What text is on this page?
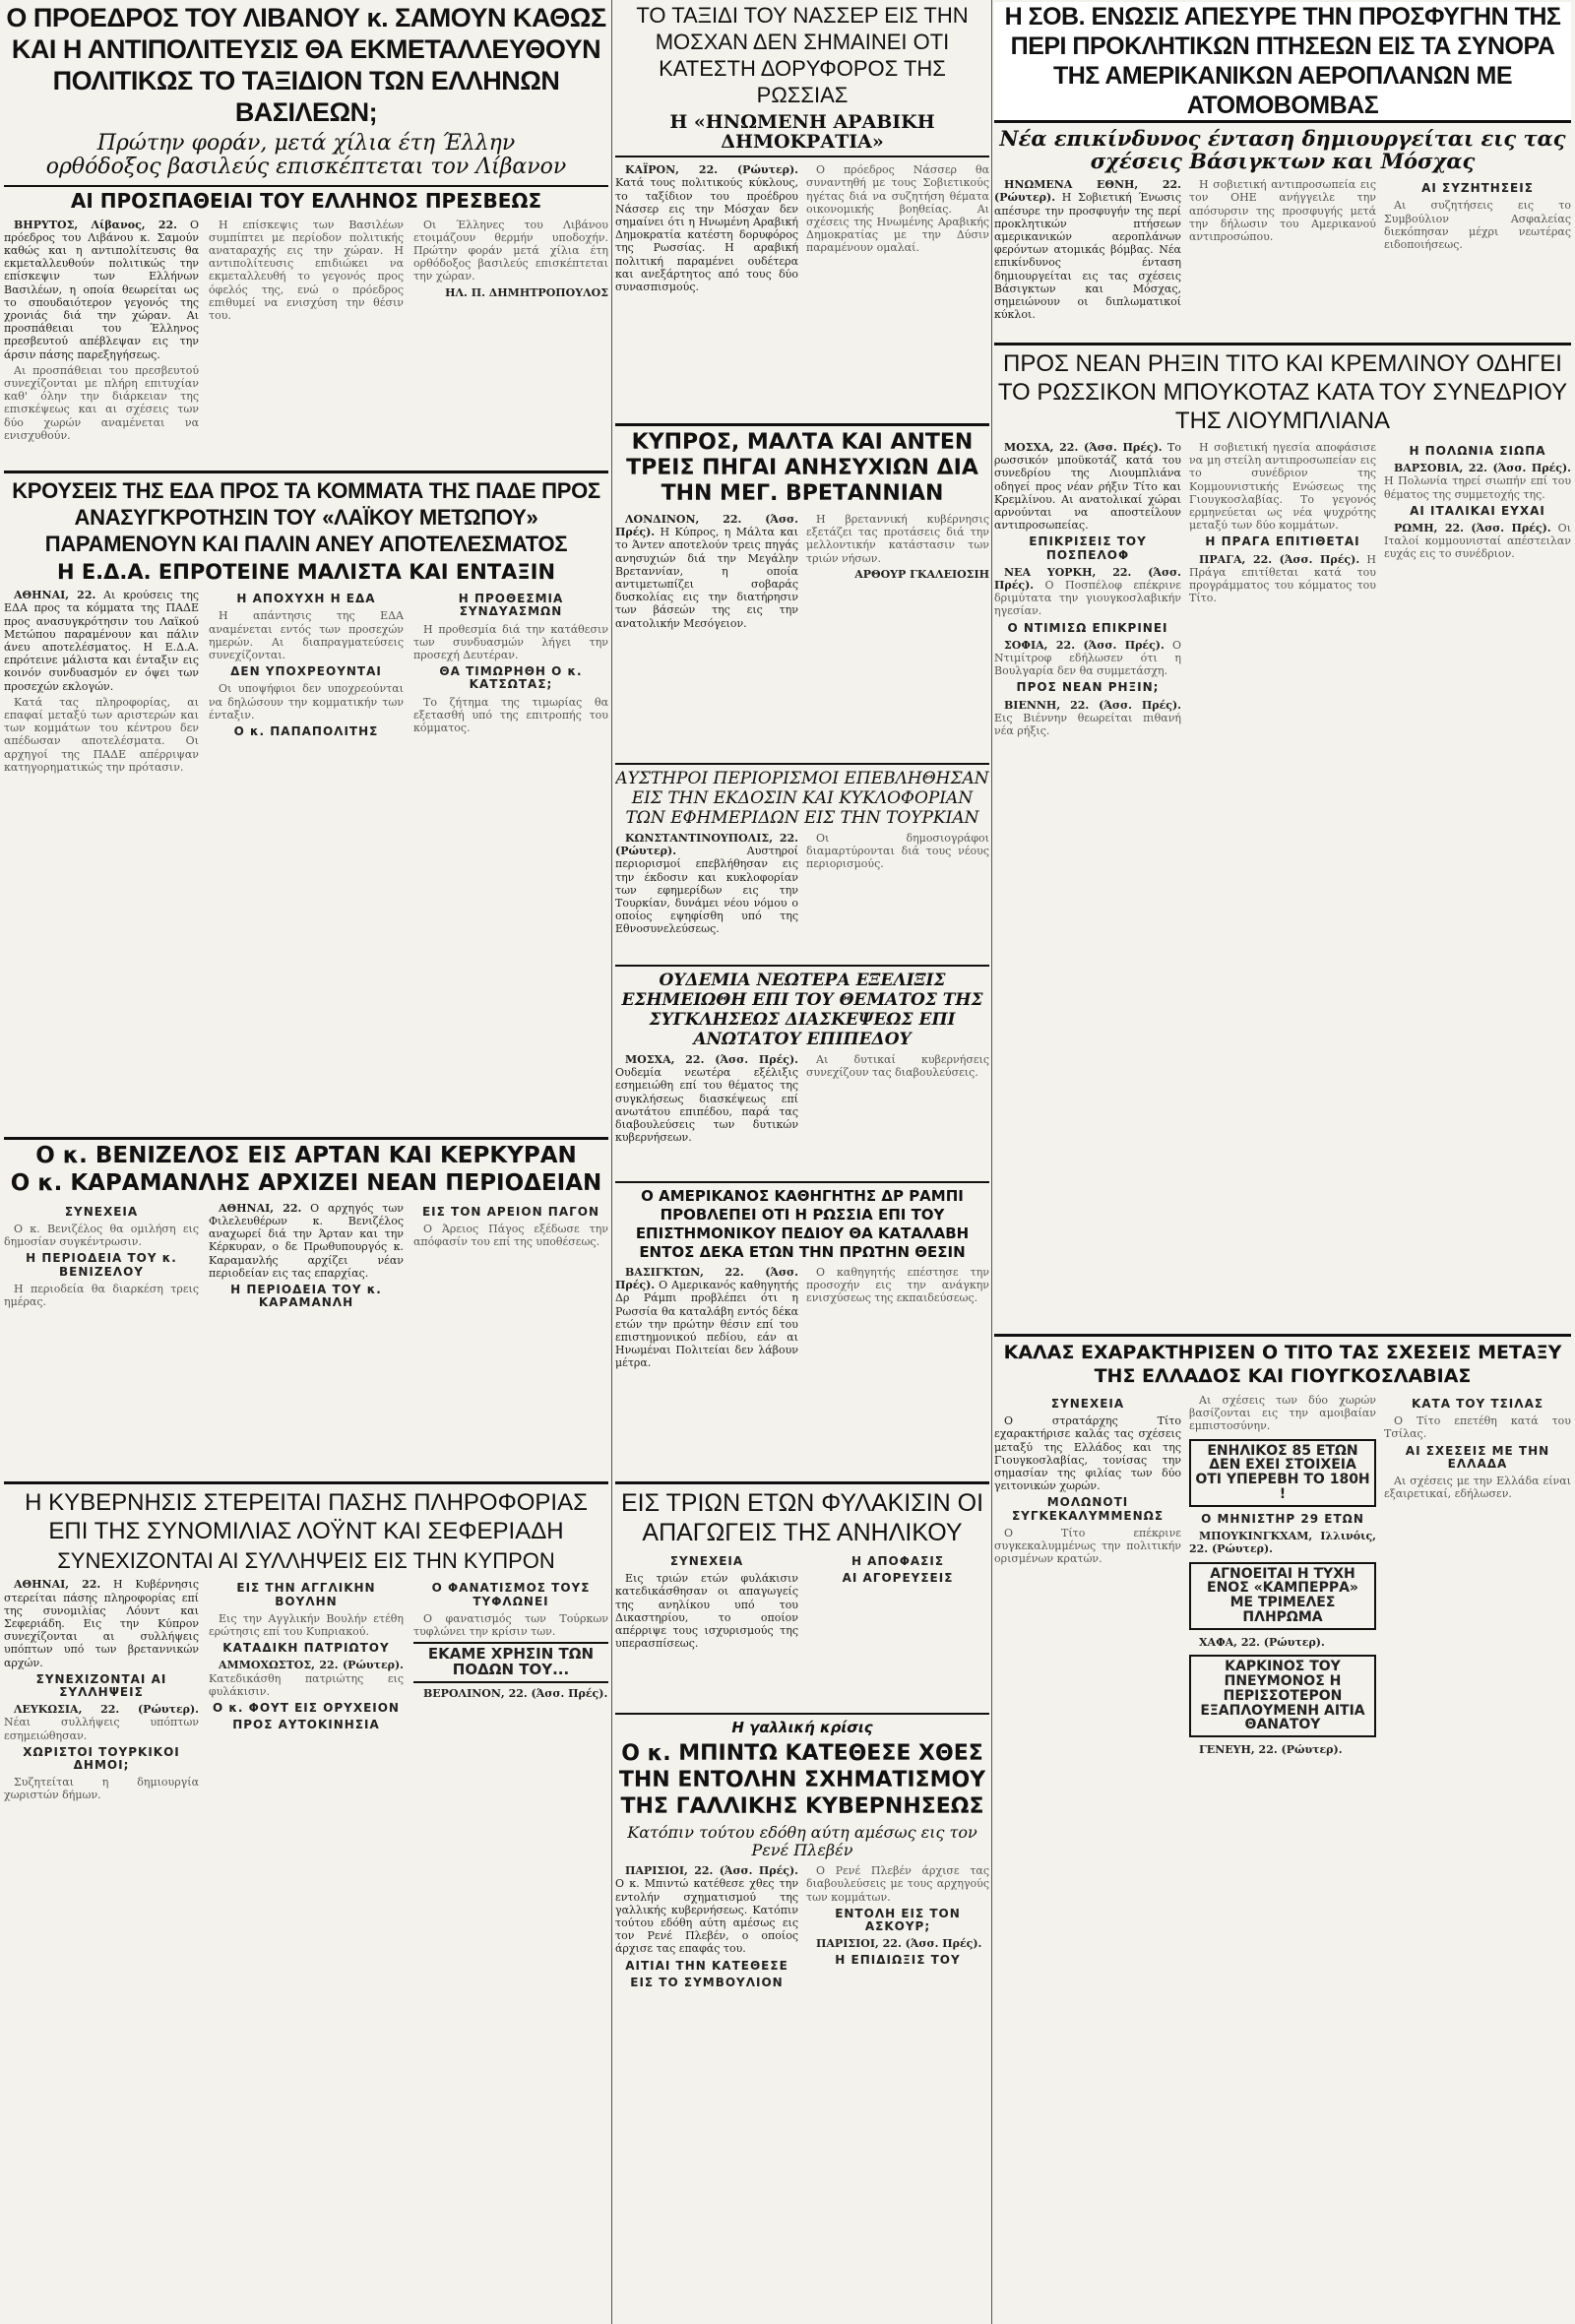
Ο ΠΡΟΕΔΡΟΣ ΤΟΥ ΛΙΒΑΝΟΥ κ. ΣΑΜΟΥΝ ΚΑΘΩΣ ΚΑΙ Η ΑΝΤΙΠΟΛΙΤΕΥΣΙΣ ΘΑ ΕΚΜΕΤΑΛΛΕΥΘΟΥΝ ΠΟΛΙΤΙΚΩΣ ΤΟ ΤΑΞΙΔΙΟΝ ΤΩΝ ΕΛΛΗΝΩΝ ΒΑΣΙΛΕΩΝ;
Πρώτην φοράν, μετά χίλια έτη Έλλην ορθόδοξος βασιλεύς επισκέπτεται τον Λίβανον
ΑΙ ΠΡΟΣΠΑΘΕΙΑΙ ΤΟΥ ΕΛΛΗΝΟΣ ΠΡΕΣΒΕΩΣ

ΒΗΡΥΤΟΣ, Λίβανος, 22. Ο πρόεδρος του Λιβάνου κ. Σαμούν καθώς και η αντιπολίτευσις θα εκμεταλλευθούν πολιτικώς την επίσκεψιν των Ελλήνων Βασιλέων, η οποία θεωρείται ως το σπουδαιότερον γεγονός της χρονιάς διά την χώραν. Αι προσπάθειαι του Έλληνος πρεσβευτού απέβλεψαν εις την άρσιν πάσης παρεξηγήσεως.

Αι προσπάθειαι του πρεσβευτού συνεχίζονται με πλήρη επιτυχίαν καθ' όλην την διάρκειαν της επισκέψεως και αι σχέσεις των δύο χωρών αναμένεται να ενισχυθούν.

Η επίσκεψις των Βασιλέων συμπίπτει με περίοδον πολιτικής αναταραχής εις την χώραν. Η αντιπολίτευσις επιδιώκει να εκμεταλλευθή το γεγονός προς όφελός της, ενώ ο πρόεδρος επιθυμεί να ενισχύση την θέσιν του.

Οι Έλληνες του Λιβάνου ετοιμάζουν θερμήν υποδοχήν. Πρώτην φοράν μετά χίλια έτη ορθόδοξος βασιλεύς επισκέπτεται την χώραν.

ΗΛ. Π. ΔΗΜΗΤΡΟΠΟΥΛΟΣ

ΤΟ ΤΑΞΙΔΙ ΤΟΥ ΝΑΣΣΕΡ ΕΙΣ ΤΗΝ ΜΟΣΧΑΝ ΔΕΝ ΣΗΜΑΙΝΕΙ ΟΤΙ ΚΑΤΕΣΤΗ ΔΟΡΥΦΟΡΟΣ ΤΗΣ ΡΩΣΣΙΑΣ
Η «ΗΝΩΜΕΝΗ ΑΡΑΒΙΚΗ ΔΗΜΟΚΡΑΤΙΑ»

ΚΑΪΡΟΝ, 22. (Ρώυτερ). Κατά τους πολιτικούς κύκλους, το ταξίδιον του προέδρου Νάσσερ εις την Μόσχαν δεν σημαίνει ότι η Ηνωμένη Αραβική Δημοκρατία κατέστη δορυφόρος της Ρωσσίας. Η αραβική πολιτική παραμένει ουδέτερα και ανεξάρτητος από τους δύο συνασπισμούς.

Ο πρόεδρος Νάσσερ θα συναντηθή με τους Σοβιετικούς ηγέτας διά να συζητήση θέματα οικονομικής βοηθείας. Αι σχέσεις της Ηνωμένης Αραβικής Δημοκρατίας με την Δύσιν παραμένουν ομαλαί.

Η ΣΟΒ. ΕΝΩΣΙΣ ΑΠΕΣΥΡΕ ΤΗΝ ΠΡΟΣΦΥΓΗΝ ΤΗΣ ΠΕΡΙ ΠΡΟΚΛΗΤΙΚΩΝ ΠΤΗΣΕΩΝ ΕΙΣ ΤΑ ΣΥΝΟΡΑ ΤΗΣ ΑΜΕΡΙΚΑΝΙΚΩΝ ΑΕΡΟΠΛΑΝΩΝ ΜΕ ΑΤΟΜΟΒΟΜΒΑΣ
Νέα επικίνδυνος ένταση δημιουργείται εις τας σχέσεις Βάσιγκτων και Μόσχας

ΗΝΩΜΕΝΑ ΕΘΝΗ, 22. (Ρώυτερ). Η Σοβιετική Ένωσις απέσυρε την προσφυγήν της περί προκλητικών πτήσεων αμερικανικών αεροπλάνων φερόντων ατομικάς βόμβας. Νέα επικίνδυνος ένταση δημιουργείται εις τας σχέσεις Βάσιγκτων και Μόσχας, σημειώνουν οι διπλωματικοί κύκλοι.

Η σοβιετική αντιπροσωπεία εις τον ΟΗΕ ανήγγειλε την απόσυρσιν της προσφυγής μετά την δήλωσιν του Αμερικανού αντιπροσώπου.

ΑΙ ΣΥΖΗΤΗΣΕΙΣ

Αι συζητήσεις εις το Συμβούλιον Ασφαλείας διεκόπησαν μέχρι νεωτέρας ειδοποιήσεως.

ΚΥΠΡΟΣ, ΜΑΛΤΑ ΚΑΙ ΑΝΤΕΝ ΤΡΕΙΣ ΠΗΓΑΙ ΑΝΗΣΥΧΙΩΝ ΔΙΑ ΤΗΝ ΜΕΓ. ΒΡΕΤΑΝΝΙΑΝ

ΛΟΝΔΙΝΟΝ, 22. (Άσσ. Πρές). Η Κύπρος, η Μάλτα και το Άντεν αποτελούν τρεις πηγάς ανησυχιών διά την Μεγάλην Βρεταννίαν, η οποία αντιμετωπίζει σοβαράς δυσκολίας εις την διατήρησιν των βάσεών της εις την ανατολικήν Μεσόγειον.

Η βρεταννική κυβέρνησις εξετάζει τας προτάσεις διά την μελλοντικήν κατάστασιν των τριών νήσων.

ΑΡΘΟΥΡ ΓΚΑΛΕΙΟΣΙΗ

ΚΡΟΥΣΕΙΣ ΤΗΣ ΕΔΑ ΠΡΟΣ ΤΑ ΚΟΜΜΑΤΑ ΤΗΣ ΠΑΔΕ ΠΡΟΣ ΑΝΑΣΥΓΚΡΟΤΗΣΙΝ ΤΟΥ «ΛΑΪΚΟΥ ΜΕΤΩΠΟΥ» ΠΑΡΑΜΕΝΟΥΝ ΚΑΙ ΠΑΛΙΝ ΑΝΕΥ ΑΠΟΤΕΛΕΣΜΑΤΟΣ
Η Ε.Δ.Α. ΕΠΡΟΤΕΙΝΕ ΜΑΛΙΣΤΑ ΚΑΙ ΕΝΤΑΞΙΝ

ΑΘΗΝΑΙ, 22. Αι κρούσεις της ΕΔΑ προς τα κόμματα της ΠΑΔΕ προς ανασυγκρότησιν του Λαϊκού Μετώπου παραμένουν και πάλιν άνευ αποτελέσματος. Η Ε.Δ.Α. επρότεινε μάλιστα και ένταξιν εις κοινόν συνδυασμόν εν όψει των προσεχών εκλογών.

Κατά τας πληροφορίας, αι επαφαί μεταξύ των αριστερών και των κομμάτων του κέντρου δεν απέδωσαν αποτελέσματα. Οι αρχηγοί της ΠΑΔΕ απέρριψαν κατηγορηματικώς την πρότασιν.

Η ΑΠΟΧΥΧΗ Η ΕΔΑ

Η απάντησις της ΕΔΑ αναμένεται εντός των προσεχών ημερών. Αι διαπραγματεύσεις συνεχίζονται.

ΔΕΝ ΥΠΟΧΡΕΟΥΝΤΑΙ

Οι υποψήφιοι δεν υποχρεούνται να δηλώσουν την κομματικήν των ένταξιν.

Ο κ. ΠΑΠΑΠΟΛΙΤΗΣ
Η ΠΡΟΘΕΣΜΙΑ ΣΥΝΔΥΑΣΜΩΝ

Η προθεσμία διά την κατάθεσιν των συνδυασμών λήγει την προσεχή Δευτέραν.

ΘΑ ΤΙΜΩΡΗΘΗ Ο κ. ΚΑΤΣΩΤΑΣ;

Το ζήτημα της τιμωρίας θα εξετασθή υπό της επιτροπής του κόμματος.

ΑΥΣΤΗΡΟΙ ΠΕΡΙΟΡΙΣΜΟΙ ΕΠΕΒΛΗΘΗΣΑΝ ΕΙΣ ΤΗΝ ΕΚΔΟΣΙΝ ΚΑΙ ΚΥΚΛΟΦΟΡΙΑΝ ΤΩΝ ΕΦΗΜΕΡΙΔΩΝ ΕΙΣ ΤΗΝ ΤΟΥΡΚΙΑΝ

ΚΩΝΣΤΑΝΤΙΝΟΥΠΟΛΙΣ, 22. (Ρώυτερ).	Αυστηροί περιορισμοί επεβλήθησαν εις την έκδοσιν και κυκλοφορίαν των εφημερίδων εις την Τουρκίαν, δυνάμει νέου νόμου ο οποίος εψηφίσθη υπό της Εθνοσυνελεύσεως.

Οι δημοσιογράφοι διαμαρτύρονται διά τους νέους περιορισμούς.

ΠΡΟΣ ΝΕΑΝ ΡΗΞΙΝ ΤΙΤΟ ΚΑΙ ΚΡΕΜΛΙΝΟΥ ΟΔΗΓΕΙ ΤΟ ΡΩΣΣΙΚΟΝ ΜΠΟΥΚΟΤΑΖ ΚΑΤΑ ΤΟΥ ΣΥΝΕΔΡΙΟΥ ΤΗΣ ΛΙΟΥΜΠΛΙΑΝΑ

ΜΟΣΧΑ, 22. (Άσσ. Πρές). Το ρωσσικόν μποϋκοτάζ κατά του συνεδρίου της Λιουμπλιάνα οδηγεί προς νέαν ρήξιν Τίτο και Κρεμλίνου. Αι ανατολικαί χώραι αρνούνται να αποστείλουν αντιπροσωπείας.

ΕΠΙΚΡΙΣΕΙΣ ΤΟΥ ΠΟΣΠΕΛΟΦ

ΝΕΑ ΥΟΡΚΗ, 22. (Άσσ. Πρές). Ο Ποσπέλοφ επέκρινε δριμύτατα την γιουγκοσλαβικήν ηγεσίαν.

Ο ΝΤΙΜΙΣΩ ΕΠΙΚΡΙΝΕΙ

ΣΟΦΙΑ, 22. (Άσσ. Πρές). Ο Ντιμίτροφ εδήλωσεν ότι η Βουλγαρία δεν θα συμμετάσχη.

ΠΡΟΣ ΝΕΑΝ ΡΗΞΙΝ;

ΒΙΕΝΝΗ, 22. (Άσσ. Πρές). Εις Βιέννην θεωρείται πιθανή νέα ρήξις.

Η σοβιετική ηγεσία αποφάσισε να μη στείλη αντιπροσωπείαν εις το συνέδριον της Κομμουνιστικής Ενώσεως της Γιουγκοσλαβίας. Το γεγονός ερμηνεύεται ως νέα ψυχρότης μεταξύ των δύο κομμάτων.

Η ΠΡΑΓΑ ΕΠΙΤΙΘΕΤΑΙ

ΠΡΑΓΑ, 22. (Άσσ. Πρές). Η Πράγα επιτίθεται κατά του προγράμματος του κόμματος του Τίτο.

Η ΠΟΛΩΝΙΑ ΣΙΩΠΑ

ΒΑΡΣΟΒΙΑ, 22. (Άσσ. Πρές). Η Πολωνία τηρεί σιωπήν επί του θέματος της συμμετοχής της.

ΑΙ ΙΤΑΛΙΚΑΙ ΕΥΧΑΙ

ΡΩΜΗ, 22. (Άσσ. Πρές). Οι Ιταλοί κομμουνισταί απέστειλαν ευχάς εις το συνέδριον.

ΟΥΔΕΜΙΑ ΝΕΩΤΕΡΑ ΕΞΕΛΙΞΙΣ ΕΣΗΜΕΙΩΘΗ ΕΠΙ ΤΟΥ ΘΕΜΑΤΟΣ ΤΗΣ ΣΥΓΚΛΗΣΕΩΣ ΔΙΑΣΚΕΨΕΩΣ ΕΠΙ ΑΝΩΤΑΤΟΥ ΕΠΙΠΕΔΟΥ

ΜΟΣΧΑ, 22. (Άσσ. Πρές). Ουδεμία νεωτέρα εξέλιξις εσημειώθη επί του θέματος της συγκλήσεως διασκέψεως επί ανωτάτου επιπέδου, παρά τας διαβουλεύσεις των δυτικών κυβερνήσεων.

Αι δυτικαί κυβερνήσεις συνεχίζουν τας διαβουλεύσεις.

Ο ΑΜΕΡΙΚΑΝΟΣ ΚΑΘΗΓΗΤΗΣ ΔΡ ΡΑΜΠΙ ΠΡΟΒΛΕΠΕΙ ΟΤΙ Η ΡΩΣΣΙΑ ΕΠΙ ΤΟΥ ΕΠΙΣΤΗΜΟΝΙΚΟΥ ΠΕΔΙΟΥ ΘΑ ΚΑΤΑΛΑΒΗ ΕΝΤΟΣ ΔΕΚΑ ΕΤΩΝ ΤΗΝ ΠΡΩΤΗΝ ΘΕΣΙΝ

ΒΑΣΙΓΚΤΩΝ, 22. (Άσσ. Πρές). Ο Αμερικανός καθηγητής Δρ Ράμπι προβλέπει ότι η Ρωσσία θα καταλάβη εντός δέκα ετών την πρώτην θέσιν επί του επιστημονικού πεδίου, εάν αι Ηνωμέναι Πολιτείαι δεν λάβουν μέτρα.

Ο καθηγητής επέστησε την προσοχήν εις την ανάγκην ενισχύσεως της εκπαιδεύσεως.

Ο κ. ΒΕΝΙΖΕΛΟΣ ΕΙΣ ΑΡΤΑΝ ΚΑΙ ΚΕΡΚΥΡΑΝ
Ο κ. ΚΑΡΑΜΑΝΛΗΣ ΑΡΧΙΖΕΙ ΝΕΑΝ ΠΕΡΙΟΔΕΙΑΝ
ΣΥΝΕΧΕΙΑ

Ο κ. Βενιζέλος θα ομιλήση εις δημοσίαν συγκέντρωσιν.

Η ΠΕΡΙΟΔΕΙΑ ΤΟΥ κ. ΒΕΝΙΖΕΛΟΥ

Η περιοδεία θα διαρκέση τρεις ημέρας.

ΑΘΗΝΑΙ, 22. Ο αρχηγός των Φιλελευθέρων κ. Βενιζέλος αναχωρεί διά την Άρταν και την Κέρκυραν, ο δε Πρωθυπουργός κ. Καραμανλής αρχίζει νέαν περιοδείαν εις τας επαρχίας.

Η ΠΕΡΙΟΔΕΙΑ ΤΟΥ κ. ΚΑΡΑΜΑΝΛΗ
ΕΙΣ ΤΟΝ ΑΡΕΙΟΝ ΠΑΓΟΝ

Ο Άρειος Πάγος εξέδωσε την απόφασίν του επί της υποθέσεως.

Η ΚΥΒΕΡΝΗΣΙΣ ΣΤΕΡΕΙΤΑΙ ΠΑΣΗΣ ΠΛΗΡΟΦΟΡΙΑΣ ΕΠΙ ΤΗΣ ΣΥΝΟΜΙΛΙΑΣ ΛΟΫΝΤ ΚΑΙ ΣΕΦΕΡΙΑΔΗ
ΣΥΝΕΧΙΖΟΝΤΑΙ ΑΙ ΣΥΛΛΗΨΕΙΣ ΕΙΣ ΤΗΝ ΚΥΠΡΟΝ

ΑΘΗΝΑΙ, 22. Η Κυβέρνησις στερείται πάσης πληροφορίας επί της συνομιλίας Λόυντ και Σεφεριάδη. Εις την Κύπρον συνεχίζονται αι συλλήψεις υπόπτων υπό των βρεταννικών αρχών.

ΣΥΝΕΧΙΖΟΝΤΑΙ ΑΙ ΣΥΛΛΗΨΕΙΣ

ΛΕΥΚΩΣΙΑ, 22. (Ρώυτερ). Νέαι συλλήψεις υπόπτων εσημειώθησαν.

ΧΩΡΙΣΤΟΙ ΤΟΥΡΚΙΚΟΙ ΔΗΜΟΙ;

Συζητείται η δημιουργία χωριστών δήμων.

ΕΙΣ ΤΗΝ ΑΓΓΛΙΚΗΝ ΒΟΥΛΗΝ

Εις την Αγγλικήν Βουλήν ετέθη ερώτησις επί του Κυπριακού.

ΚΑΤΑΔΙΚΗ ΠΑΤΡΙΩΤΟΥ

ΑΜΜΟΧΩΣΤΟΣ, 22. (Ρώυτερ). Κατεδικάσθη πατριώτης εις φυλάκισιν.

Ο κ. ΦΟΥΤ ΕΙΣ ΟΡΥΧΕΙΟΝ
ΠΡΟΣ ΑΥΤΟΚΙΝΗΣΙΑ
Ο ΦΑΝΑΤΙΣΜΟΣ ΤΟΥΣ ΤΥΦΛΩΝΕΙ

Ο φανατισμός των Τούρκων τυφλώνει την κρίσιν των.

ΕΚΑΜΕ ΧΡΗΣΙΝ ΤΩΝ ΠΟΔΩΝ ΤΟΥ...

ΒΕΡΟΛΙΝΟΝ, 22. (Άσσ. Πρές).

ΕΙΣ ΤΡΙΩΝ ΕΤΩΝ ΦΥΛΑΚΙΣΙΝ ΟΙ ΑΠΑΓΩΓΕΙΣ ΤΗΣ ΑΝΗΛΙΚΟΥ
ΣΥΝΕΧΕΙΑ

Εις τριών ετών φυλάκισιν κατεδικάσθησαν οι απαγωγείς της ανηλίκου υπό του Δικαστηρίου, το οποίον απέρριψε τους ισχυρισμούς της υπερασπίσεως.

Η ΑΠΟΦΑΣΙΣ
ΑΙ ΑΓΟΡΕΥΣΕΙΣ
Η γαλλική κρίσις
Ο κ. ΜΠΙΝΤΩ ΚΑΤΕΘΕΣΕ ΧΘΕΣ ΤΗΝ ΕΝΤΟΛΗΝ ΣΧΗΜΑΤΙΣΜΟΥ ΤΗΣ ΓΑΛΛΙΚΗΣ ΚΥΒΕΡΝΗΣΕΩΣ
Κατόπιν τούτου εδόθη αύτη αμέσως εις τον Ρενέ Πλεβέν

ΠΑΡΙΣΙΟΙ, 22. (Άσσ. Πρές). Ο κ. Μπιντώ κατέθεσε χθες την εντολήν σχηματισμού της γαλλικής κυβερνήσεως. Κατόπιν τούτου εδόθη αύτη αμέσως εις τον Ρενέ Πλεβέν, ο οποίος άρχισε τας επαφάς του.

ΑΙΤΙΑΙ ΤΗΝ ΚΑΤΕΘΕΣΕ
ΕΙΣ ΤΟ ΣΥΜΒΟΥΛΙΟΝ

Ο Ρενέ Πλεβέν άρχισε τας διαβουλεύσεις με τους αρχηγούς των κομμάτων.

ΕΝΤΟΛΗ ΕΙΣ ΤΟΝ ΑΣΚΟΥΡ;

ΠΑΡΙΣΙΟΙ, 22. (Άσσ. Πρές).

Η ΕΠΙΔΙΩΞΙΣ ΤΟΥ
ΚΑΛΑΣ ΕΧΑΡΑΚΤΗΡΙΣΕΝ Ο ΤΙΤΟ ΤΑΣ ΣΧΕΣΕΙΣ ΜΕΤΑΞΥ ΤΗΣ ΕΛΛΑΔΟΣ ΚΑΙ ΓΙΟΥΓΚΟΣΛΑΒΙΑΣ
ΣΥΝΕΧΕΙΑ

Ο στρατάρχης Τίτο εχαρακτήρισε καλάς τας σχέσεις μεταξύ της Ελλάδος και της Γιουγκοσλαβίας, τονίσας την σημασίαν της φιλίας των δύο γειτονικών χωρών.

ΜΟΛΩΝΟΤΙ ΣΥΓΚΕΚΑΛΥΜΜΕΝΩΣ

Ο Τίτο επέκρινε συγκεκαλυμμένως την πολιτικήν ορισμένων κρατών.

Αι σχέσεις των δύο χωρών βασίζονται εις την αμοιβαίαν εμπιστοσύνην.

ΕΝΗΛΙΚΟΣ 85 ΕΤΩΝ ΔΕΝ ΕΧΕΙ ΣΤΟΙΧΕΙΑ ΟΤΙ ΥΠΕΡΕΒΗ ΤΟ 180Η !
Ο ΜΗΝΙΣΤΗΡ 29 ΕΤΩΝ

ΜΠΟΥΚΙΝΓΚΧΑΜ, Ιλλινόις, 22. (Ρώυτερ).

ΑΓΝΟΕΙΤΑΙ Η ΤΥΧΗ ΕΝΟΣ «ΚΑΜΠΕΡΡΑ» ΜΕ ΤΡΙΜΕΛΕΣ ΠΛΗΡΩΜΑ

ΧΑΦΑ, 22. (Ρώυτερ).

ΚΑΡΚΙΝΟΣ ΤΟΥ ΠΝΕΥΜΟΝΟΣ Η ΠΕΡΙΣΣΟΤΕΡΟΝ ΕΞΑΠΛΟΥΜΕΝΗ ΑΙΤΙΑ ΘΑΝΑΤΟΥ

ΓΕΝΕΥΗ, 22. (Ρώυτερ).

ΚΑΤΑ ΤΟΥ ΤΣΙΛΑΣ

Ο Τίτο επετέθη κατά του Τσίλας.

ΑΙ ΣΧΕΣΕΙΣ ΜΕ ΤΗΝ ΕΛΛΑΔΑ

Αι σχέσεις με την Ελλάδα είναι εξαιρετικαί, εδήλωσεν.
